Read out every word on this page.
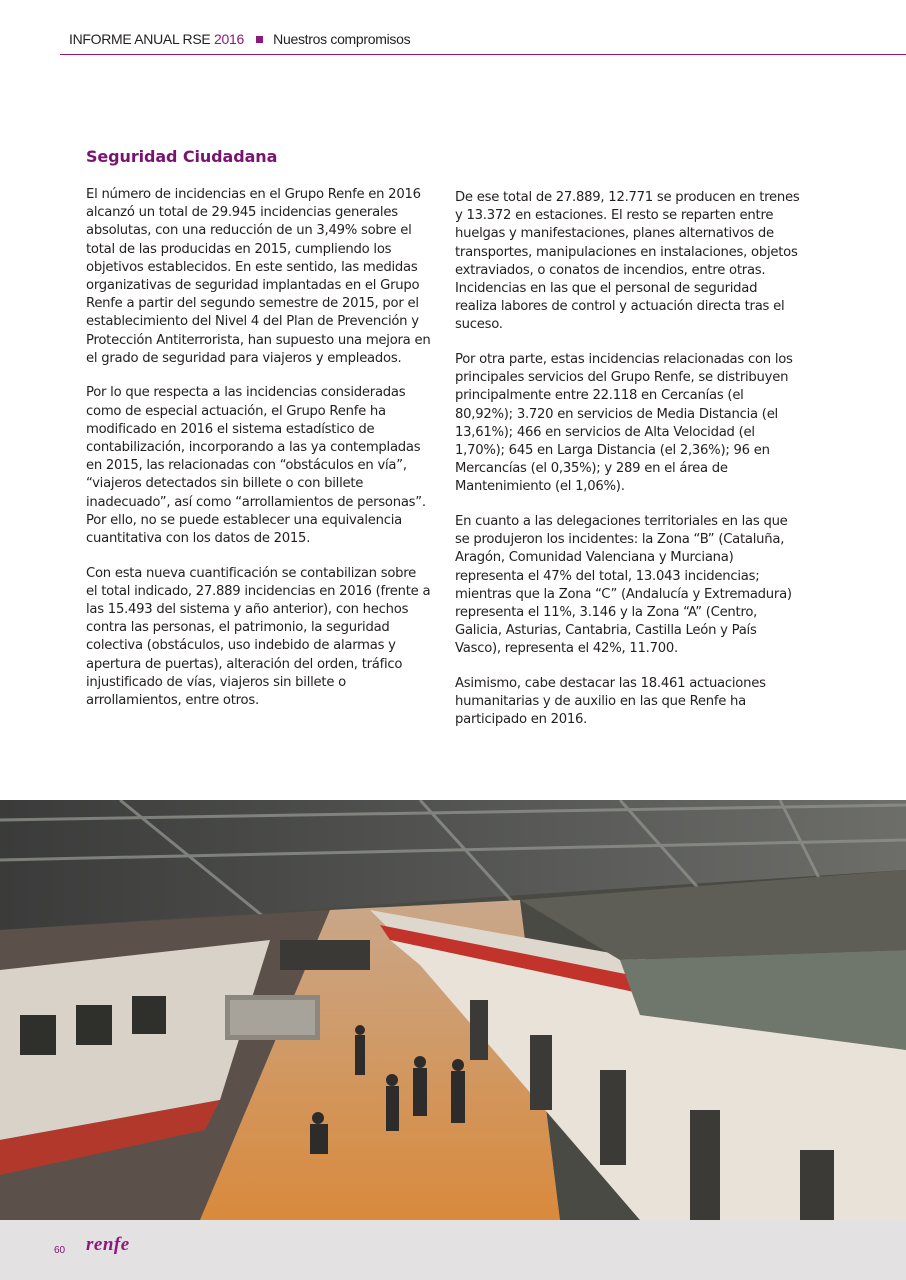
INFORME ANUAL RSE 2016 Nuestros compromisos
Seguridad Ciudadana

El número de incidencias en el Grupo Renfe en 2016 alcanzó un total de 29.945 incidencias generales absolutas, con una reducción de un 3,49% sobre el total de las producidas en 2015, cumpliendo los objetivos establecidos. En este sentido, las medidas organizativas de seguridad implantadas en el Grupo Renfe a partir del segundo semestre de 2015, por el establecimiento del Nivel 4 del Plan de Prevención y Protección Antiterrorista, han supuesto una mejora en el grado de seguridad para viajeros y empleados.

Por lo que respecta a las incidencias consideradas como de especial actuación, el Grupo Renfe ha modificado en 2016 el sistema estadístico de contabilización, incorporando a las ya contempladas en 2015, las relacionadas con “obstáculos en vía”, “viajeros detectados sin billete o con billete inadecuado”, así como “arrollamientos de personas”. Por ello, no se puede establecer una equivalencia cuantitativa con los datos de 2015.

Con esta nueva cuantificación se contabilizan sobre el total indicado, 27.889 incidencias en 2016 (frente a las 15.493 del sistema y año anterior), con hechos contra las personas, el patrimonio, la seguridad colectiva (obstáculos, uso indebido de alarmas y apertura de puertas), alteración del orden, tráfico injustificado de vías, viajeros sin billete o arrollamientos, entre otros.

De ese total de 27.889, 12.771 se producen en trenes y 13.372 en estaciones. El resto se reparten entre huelgas y manifestaciones, planes alternativos de transportes, manipulaciones en instalaciones, objetos extraviados, o conatos de incendios, entre otras. Incidencias en las que el personal de seguridad realiza labores de control y actuación directa tras el suceso.

Por otra parte, estas incidencias relacionadas con los principales servicios del Grupo Renfe, se distribuyen principalmente entre 22.118 en Cercanías (el 80,92%); 3.720 en servicios de Media Distancia (el 13,61%); 466 en servicios de Alta Velocidad (el 1,70%); 645 en Larga Distancia (el 2,36%); 96 en Mercancías (el 0,35%); y 289 en el área de Mantenimiento (el 1,06%).

En cuanto a las delegaciones territoriales en las que se produjeron los incidentes: la Zona “B” (Cataluña, Aragón, Comunidad Valenciana y Murciana) representa el 47% del total, 13.043 incidencias; mientras que la Zona “C” (Andalucía y Extremadura) representa el 11%, 3.146 y la Zona “A” (Centro, Galicia, Asturias, Cantabria, Castilla León y País Vasco), representa el 42%, 11.700.

Asimismo, cabe destacar las 18.461 actuaciones humanitarias y de auxilio en las que Renfe ha participado en 2016.

60 renfe
